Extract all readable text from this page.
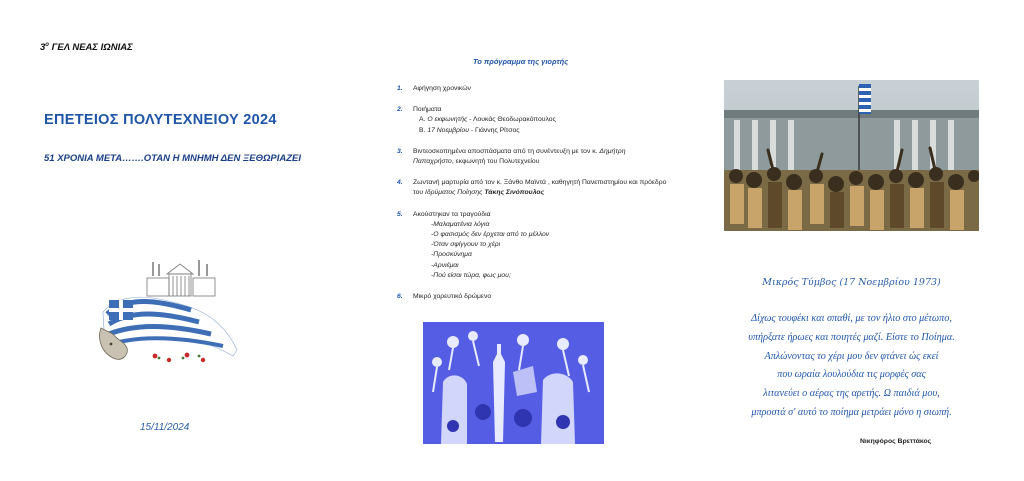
$3^o$ ΓΕΛ ΝΕΑΣ ΙΩΝΙΑΣ
ΕΠΕΤΕΙΟΣ ΠΟΛΥΤΕΧΝΕΙΟΥ 2024
51 ΧΡΟΝΙΑ ΜΕΤΑ…….ΟΤΑΝ Η ΜΝΗΜΗ ΔΕΝ ΞΕΘΩΡΙΑΖΕΙ
15/11/2024
Το πρόγραμμα της γιορτής
1. Αφήγηση χρονικών
2. Ποιήματα
Α. Ο εκφωνητής - Λουκάς Θεοδωρακόπουλος
Β. 17 Νοεμβρίου - Γιάννης Ρίτσος
3. Βιντεοσκοπημένα αποσπάσματα από τη συνέντευξη με τον κ. Δημήτρη Παπαχρήστο, εκφωνητή του Πολυτεχνείου
4. Ζωντανή μαρτυρία από τον κ. Ξάνθο Μαϊντά , καθηγητή Πανεπιστημίου και πρόεδρο του Ιδρύματος Ποίησης Τάκης Σινόπουλος
5. Ακούστηκαν τα τραγούδια
-Μαλαματένια λόγια
-Ο φασισμός δεν έρχεται από το μέλλον
-Όταν σφίγγουν το χέρι
-Προσκύνημα
-Αρνιέμαι
-Πού είσαι τώρα, φως μου;
6. Μικρό χορευτικό δρώμενο
Μικρός Τύμβος (17 Νοεμβρίου 1973)
Δίχως τουφέκι και σπαθί, με τον ήλιο στο μέτωπο,
υπήρξατε ήρωες και ποιητές μαζί. Είστε το Ποίημα.
Απλώνοντας το χέρι μου δεν φτάνει ώς εκεί
που ωραία λουλούδια τις μορφές σας
λιτανεύει ο αέρας της αρετής. Ω παιδιά μου,
μπροστά σ' αυτό το ποίημα μετράει μόνο η σιωπή.
Νικηφόρος Βρεττάκος
